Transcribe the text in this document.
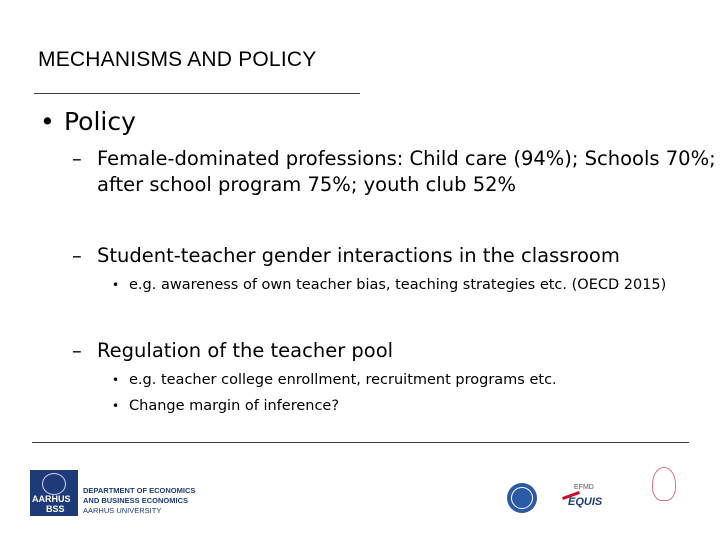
MECHANISMS AND POLICY
• Policy
– Female-dominated professions: Child care (94%); Schools 70%;
after school program 75%; youth club 52%
– Student-teacher gender interactions in the classroom
• e.g. awareness of own teacher bias, teaching strategies etc. (OECD 2015)
– Regulation of the teacher pool
• e.g. teacher college enrollment, recruitment programs etc.
• Change margin of inference?
AARHUS
BSS
DEPARTMENT OF ECONOMICS
AND BUSINESS ECONOMICS
AARHUS UNIVERSITY
EFMD
EQUIS
